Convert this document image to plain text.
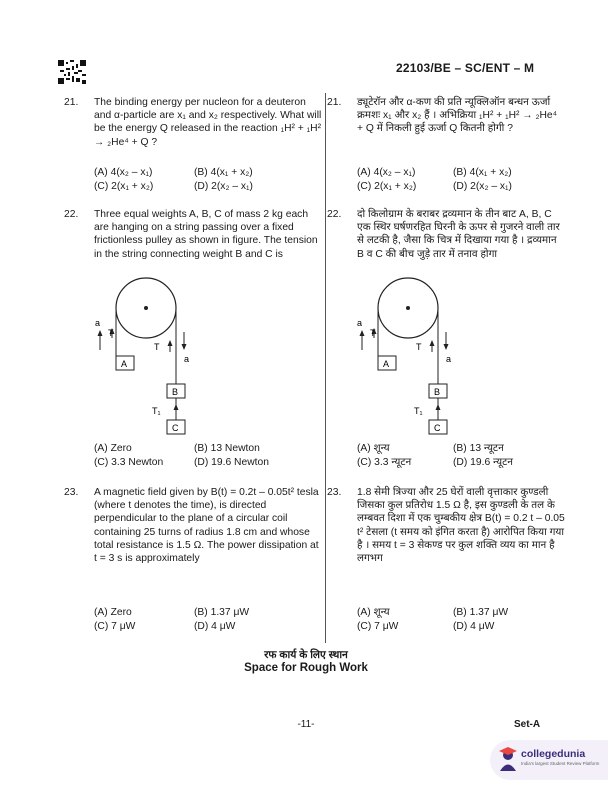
22103/BE – SC/ENT – M
21. The binding energy per nucleon for a deuteron and α-particle are x₁ and x₂ respectively. What will be the energy Q released in the reaction ₁H² + ₁H² → ₂He⁴ + Q ?
(A) 4(x₂ – x₁)	(B) 4(x₁ + x₂)
(C) 2(x₁ + x₂)	(D) 2(x₂ – x₁)
22. Three equal weights A, B, C of mass 2 kg each are hanging on a string passing over a fixed frictionless pulley as shown in figure. The tension in the string connecting weight B and C is
(A) Zero	(B) 13 Newton
(C) 3.3 Newton	(D) 19.6 Newton
23. A magnetic field given by B(t) = 0.2t – 0.05t² tesla (where t denotes the time), is directed perpendicular to the plane of a circular coil containing 25 turns of radius 1.8 cm and whose total resistance is 1.5 Ω. The power dissipation at t = 3 s is approximately
(A) Zero	(B) 1.37 μW
(C) 7 μW	(D) 4 μW
21. ड्यूटेरॉन और α-कण की प्रति न्यूक्लिऑन बन्धन ऊर्जा क्रमशः x₁ और x₂ हैं । अभिक्रिया ₁H² + ₁H² → ₂He⁴ + Q में निकली हुई ऊर्जा Q कितनी होगी ?
(A) 4(x₂ – x₁)	(B) 4(x₁ + x₂)
(C) 2(x₁ + x₂)	(D) 2(x₂ – x₁)
22. दो किलोग्राम के बराबर द्रव्यमान के तीन बाट A, B, C एक स्थिर घर्षणरहित घिरनी के ऊपर से गुजरने वाली तार से लटकी है, जैसा कि चित्र में दिखाया गया है । द्रव्यमान B व C की बीच जुड़े तार में तनाव होगा
(A) शून्य	(B) 13 न्यूटन
(C) 3.3 न्यूटन	(D) 19.6 न्यूटन
23. 1.8 सेमी त्रिज्या और 25 घेरों वाली वृत्ताकार कुण्डली जिसका कुल प्रतिरोध 1.5 Ω है, इस कुण्डली के तल के लम्बवत दिशा में एक चुम्बकीय क्षेत्र B(t) = 0.2 t – 0.05 t² टेसला (t समय को इंगित करता है) आरोपित किया गया है । समय t = 3 सेकण्ड पर कुल शक्ति व्यय का मान है लगभग
(A) शून्य	(B) 1.37 μW
(C) 7 μW	(D) 4 μW
a
T
T
a
A
B
C
T₁
a
T
T
a
A
B
C
T₁
रफ कार्य के लिए स्थान
Space for Rough Work
-11-	Set-A
collegedunia
India's largest Student Review Platform
